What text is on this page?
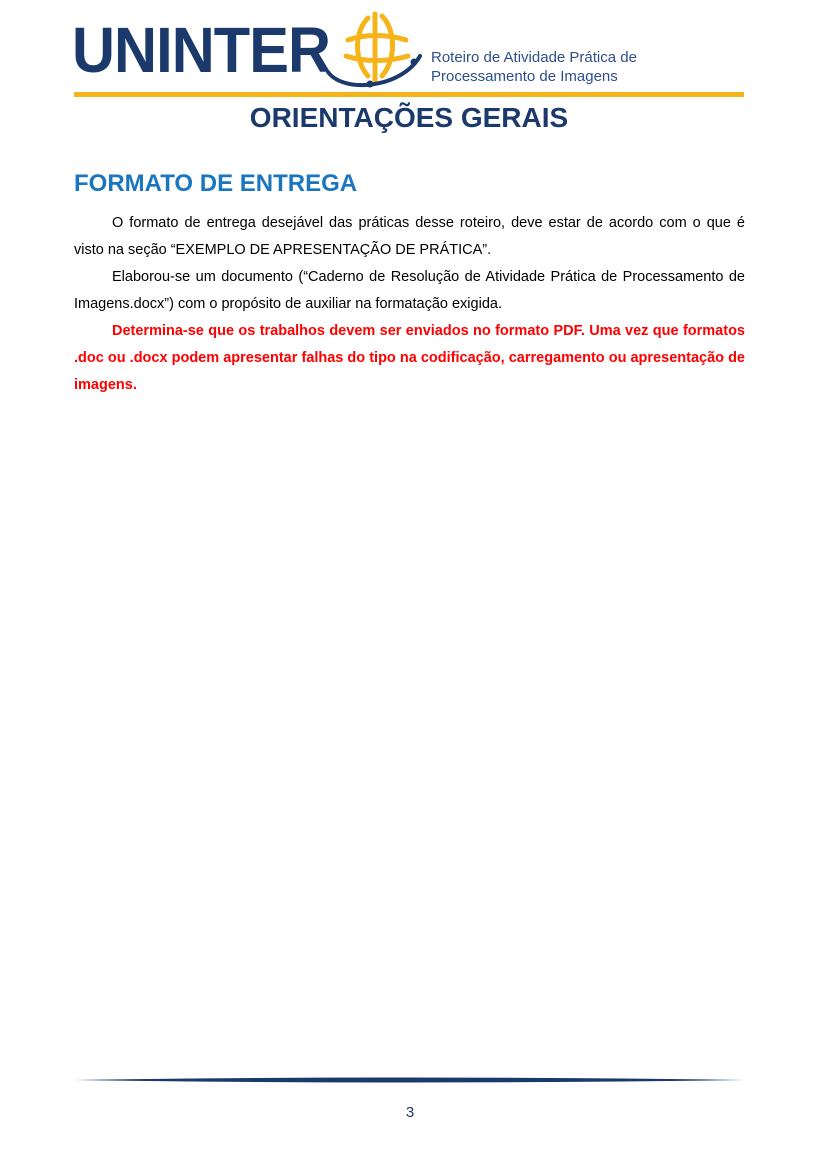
UNINTER	Roteiro de Atividade Prática de
Processamento de Imagens
ORIENTAÇÕES GERAIS
FORMATO DE ENTREGA

O formato de entrega desejável das práticas desse roteiro, deve estar de acordo com o que é visto na seção “EXEMPLO DE APRESENTAÇÃO DE PRÁTICA”.

Elaborou-se um documento (“Caderno de Resolução de Atividade Prática de Processamento de Imagens.docx”) com o propósito de auxiliar na formatação exigida.

Determina-se que os trabalhos devem ser enviados no formato PDF. Uma vez que formatos .doc ou .docx podem apresentar falhas do tipo na codificação, carregamento ou apresentação de imagens.

3
